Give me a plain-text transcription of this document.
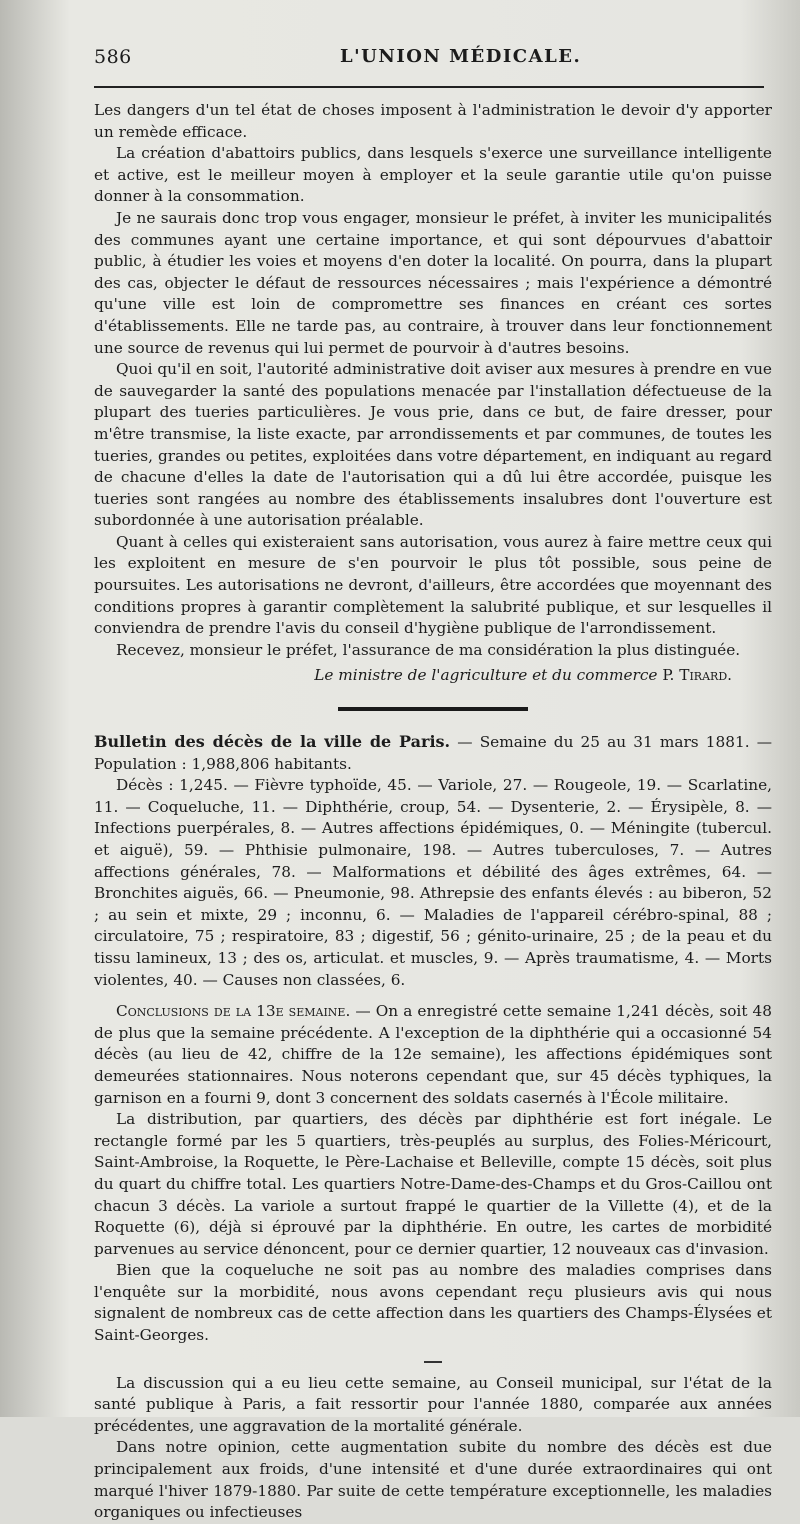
586	L'UNION MÉDICALE.

Les dangers d'un tel état de choses imposent à l'administration le devoir d'y apporter un remède efficace.

La création d'abattoirs publics, dans lesquels s'exerce une surveillance intelligente et active, est le meilleur moyen à employer et la seule garantie utile qu'on puisse donner à la consommation.

Je ne saurais donc trop vous engager, monsieur le préfet, à inviter les municipalités des communes ayant une certaine importance, et qui sont dépourvues d'abattoir public, à étudier les voies et moyens d'en doter la localité. On pourra, dans la plupart des cas, objecter le défaut de ressources nécessaires ; mais l'expérience a démontré qu'une ville est loin de compromettre ses finances en créant ces sortes d'établissements. Elle ne tarde pas, au contraire, à trouver dans leur fonctionnement une source de revenus qui lui permet de pourvoir à d'autres besoins.

Quoi qu'il en soit, l'autorité administrative doit aviser aux mesures à prendre en vue de sauvegarder la santé des populations menacée par l'installation défectueuse de la plupart des tueries particulières. Je vous prie, dans ce but, de faire dresser, pour m'être transmise, la liste exacte, par arrondissements et par communes, de toutes les tueries, grandes ou petites, exploitées dans votre département, en indiquant au regard de chacune d'elles la date de l'autorisation qui a dû lui être accordée, puisque les tueries sont rangées au nombre des établissements insalubres dont l'ouverture est subordonnée à une autorisation préalable.

Quant à celles qui existeraient sans autorisation, vous aurez à faire mettre ceux qui les exploitent en mesure de s'en pourvoir le plus tôt possible, sous peine de poursuites. Les autorisations ne devront, d'ailleurs, être accordées que moyennant des conditions propres à garantir complètement la salubrité publique, et sur lesquelles il conviendra de prendre l'avis du conseil d'hygiène publique de l'arrondissement.

Recevez, monsieur le préfet, l'assurance de ma considération la plus distinguée.

Le ministre de l'agriculture et du commerce P. Tirard.

Bulletin des décès de la ville de Paris. — Semaine du 25 au 31 mars 1881. — Population : 1,988,806 habitants.

Décès : 1,245. — Fièvre typhoïde, 45. — Variole, 27. — Rougeole, 19. — Scarlatine, 11. — Coqueluche, 11. — Diphthérie, croup, 54. — Dysenterie, 2. — Érysipèle, 8. — Infections puerpérales, 8. — Autres affections épidémiques, 0. — Méningite (tubercul. et aiguë), 59. — Phthisie pulmonaire, 198. — Autres tuberculoses, 7. — Autres affections générales, 78. — Malformations et débilité des âges extrêmes, 64. — Bronchites aiguës, 66. — Pneumonie, 98. Athrepsie des enfants élevés : au biberon, 52 ; au sein et mixte, 29 ; inconnu, 6. — Maladies de l'appareil cérébro-spinal, 88 ; circulatoire, 75 ; respiratoire, 83 ; digestif, 56 ; génito-urinaire, 25 ; de la peau et du tissu lamineux, 13 ; des os, articulat. et muscles, 9. — Après traumatisme, 4. — Morts violentes, 40. — Causes non classées, 6.

Conclusions de la 13e semaine. — On a enregistré cette semaine 1,241 décès, soit 48 de plus que la semaine précédente. A l'exception de la diphthérie qui a occasionné 54 décès (au lieu de 42, chiffre de la 12e semaine), les affections épidémiques sont demeurées stationnaires. Nous noterons cependant que, sur 45 décès typhiques, la garnison en a fourni 9, dont 3 concernent des soldats casernés à l'École militaire.

La distribution, par quartiers, des décès par diphthérie est fort inégale. Le rectangle formé par les 5 quartiers, très-peuplés au surplus, des Folies-Méricourt, Saint-Ambroise, la Roquette, le Père-Lachaise et Belleville, compte 15 décès, soit plus du quart du chiffre total. Les quartiers Notre-Dame-des-Champs et du Gros-Caillou ont chacun 3 décès. La variole a surtout frappé le quartier de la Villette (4), et de la Roquette (6), déjà si éprouvé par la diphthérie. En outre, les cartes de morbidité parvenues au service dénoncent, pour ce dernier quartier, 12 nouveaux cas d'invasion.

Bien que la coqueluche ne soit pas au nombre des maladies comprises dans l'enquête sur la morbidité, nous avons cependant reçu plusieurs avis qui nous signalent de nombreux cas de cette affection dans les quartiers des Champs-Élysées et Saint-Georges.

La discussion qui a eu lieu cette semaine, au Conseil municipal, sur l'état de la santé publique à Paris, a fait ressortir pour l'année 1880, comparée aux années précédentes, une aggravation de la mortalité générale.

Dans notre opinion, cette augmentation subite du nombre des décès est due principalement aux froids, d'une intensité et d'une durée extraordinaires qui ont marqué l'hiver 1879-1880. Par suite de cette température exceptionnelle, les maladies organiques ou infectieuses
